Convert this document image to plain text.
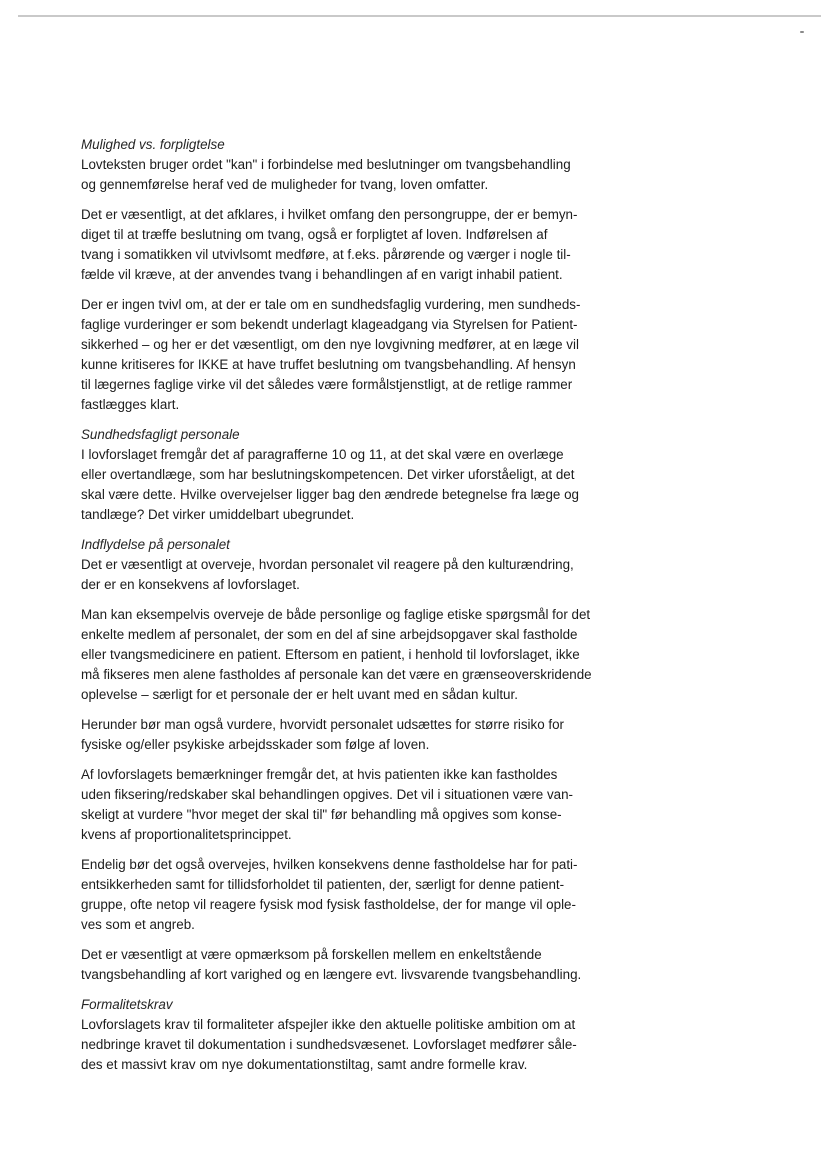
Mulighed vs. forpligtelse

Lovteksten bruger ordet "kan" i forbindelse med beslutninger om tvangsbehandling
og gennemførelse heraf ved de muligheder for tvang, loven omfatter.

Det er væsentligt, at det afklares, i hvilket omfang den persongruppe, der er bemyn-
diget til at træffe beslutning om tvang, også er forpligtet af loven. Indførelsen af
tvang i somatikken vil utvivlsomt medføre, at f.eks. pårørende og værger i nogle til-
fælde vil kræve, at der anvendes tvang i behandlingen af en varigt inhabil patient.

Der er ingen tvivl om, at der er tale om en sundhedsfaglig vurdering, men sundheds-
faglige vurderinger er som bekendt underlagt klageadgang via Styrelsen for Patient-
sikkerhed – og her er det væsentligt, om den nye lovgivning medfører, at en læge vil
kunne kritiseres for IKKE at have truffet beslutning om tvangsbehandling. Af hensyn
til lægernes faglige virke vil det således være formålstjenstligt, at de retlige rammer
fastlægges klart.

Sundhedsfagligt personale

I lovforslaget fremgår det af paragrafferne 10 og 11, at det skal være en overlæge
eller overtandlæge, som har beslutningskompetencen. Det virker uforståeligt, at det
skal være dette. Hvilke overvejelser ligger bag den ændrede betegnelse fra læge og
tandlæge? Det virker umiddelbart ubegrundet.

Indflydelse på personalet

Det er væsentligt at overveje, hvordan personalet vil reagere på den kulturændring,
der er en konsekvens af lovforslaget.

Man kan eksempelvis overveje de både personlige og faglige etiske spørgsmål for det
enkelte medlem af personalet, der som en del af sine arbejdsopgaver skal fastholde
eller tvangsmedicinere en patient. Eftersom en patient, i henhold til lovforslaget, ikke
må fikseres men alene fastholdes af personale kan det være en grænseoverskridende
oplevelse – særligt for et personale der er helt uvant med en sådan kultur.

Herunder bør man også vurdere, hvorvidt personalet udsættes for større risiko for
fysiske og/eller psykiske arbejdsskader som følge af loven.

Af lovforslagets bemærkninger fremgår det, at hvis patienten ikke kan fastholdes
uden fiksering/redskaber skal behandlingen opgives. Det vil i situationen være van-
skeligt at vurdere "hvor meget der skal til" før behandling må opgives som konse-
kvens af proportionalitetsprincippet.

Endelig bør det også overvejes, hvilken konsekvens denne fastholdelse har for pati-
entsikkerheden samt for tillidsforholdet til patienten, der, særligt for denne patient-
gruppe, ofte netop vil reagere fysisk mod fysisk fastholdelse, der for mange vil ople-
ves som et angreb.

Det er væsentligt at være opmærksom på forskellen mellem en enkeltstående
tvangsbehandling af kort varighed og en længere evt. livsvarende tvangsbehandling.

Formalitetskrav

Lovforslagets krav til formaliteter afspejler ikke den aktuelle politiske ambition om at
nedbringe kravet til dokumentation i sundhedsvæsenet. Lovforslaget medfører såle-
des et massivt krav om nye dokumentationstiltag, samt andre formelle krav.
